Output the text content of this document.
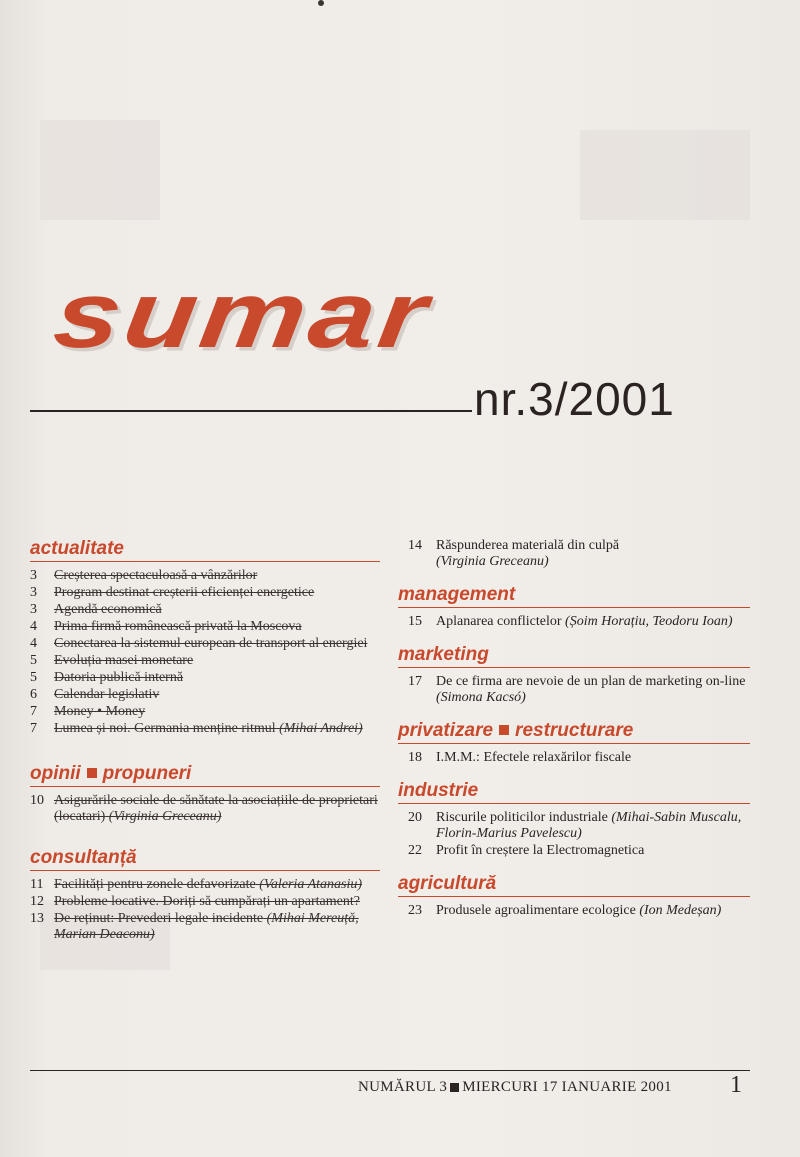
sumar
nr.3/2001
actualitate
3	Creșterea spectaculoasă a vânzărilor
3	Program destinat creșterii eficienței energetice
3	Agendă economică
4	Prima firmă românească privată la Moscova
4	Conectarea la sistemul european de transport al energiei
5	Evoluția masei monetare
5	Datoria publică internă
6	Calendar legislativ
7	Money • Money
7	Lumea și noi. Germania menține ritmul (Mihai Andrei)
opinii propuneri
10 Asigurările sociale de sănătate la asociațiile de proprietari (locatari) (Virginia Greceanu)
consultanță
11 Facilități pentru zonele defavorizate (Valeria Atanasiu)
12 Probleme locative. Doriți să cumpărați un apartament?
13 De reținut: Prevederi legale incidente (Mihai Mereuță, Marian Deaconu)
14	Răspunderea materială din culpă
(Virginia Greceanu)
management
15	Aplanarea conflictelor (Șoim Horațiu, Teodoru Ioan)
marketing
17	De ce firma are nevoie de un plan de marketing on-line (Simona Kacsó)
privatizare restructurare
18	I.M.M.: Efectele relaxărilor fiscale
industrie
20	Riscurile politicilor industriale (Mihai-Sabin Muscalu, Florin-Marius Pavelescu)
22	Profit în creștere la Electromagnetica
agricultură
23	Produsele agroalimentare ecologice (Ion Medeșan)
NUMĂRUL 3 MIERCURI 17 IANUARIE 2001 1
